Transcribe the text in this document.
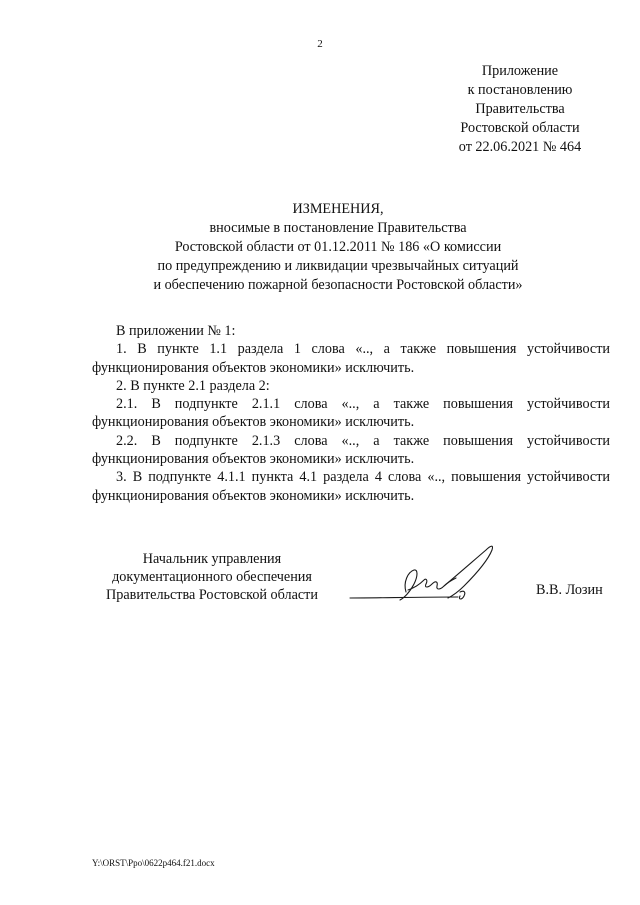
2
Приложение
к постановлению
Правительства
Ростовской области
от 22.06.2021 № 464
ИЗМЕНЕНИЯ,
вносимые в постановление Правительства
Ростовской области от 01.12.2011 № 186 «О комиссии
по предупреждению и ликвидации чрезвычайных ситуаций
и обеспечению пожарной безопасности Ростовской области»

В приложении № 1:

1. В пункте 1.1 раздела 1 слова «.., а также повышения устойчивости функционирования объектов экономики» исключить.

2. В пункте 2.1 раздела 2:

2.1. В подпункте 2.1.1 слова «.., а также повышения устойчивости функционирования объектов экономики» исключить.

2.2. В подпункте 2.1.3 слова «.., а также повышения устойчивости функционирования объектов экономики» исключить.

3. В подпункте 4.1.1 пункта 4.1 раздела 4 слова «.., повышения устойчивости функционирования объектов экономики» исключить.

Начальник управления
документационного обеспечения
Правительства Ростовской области	В.В. Лозин
Y:\ORST\Ppo\0622p464.f21.docx
